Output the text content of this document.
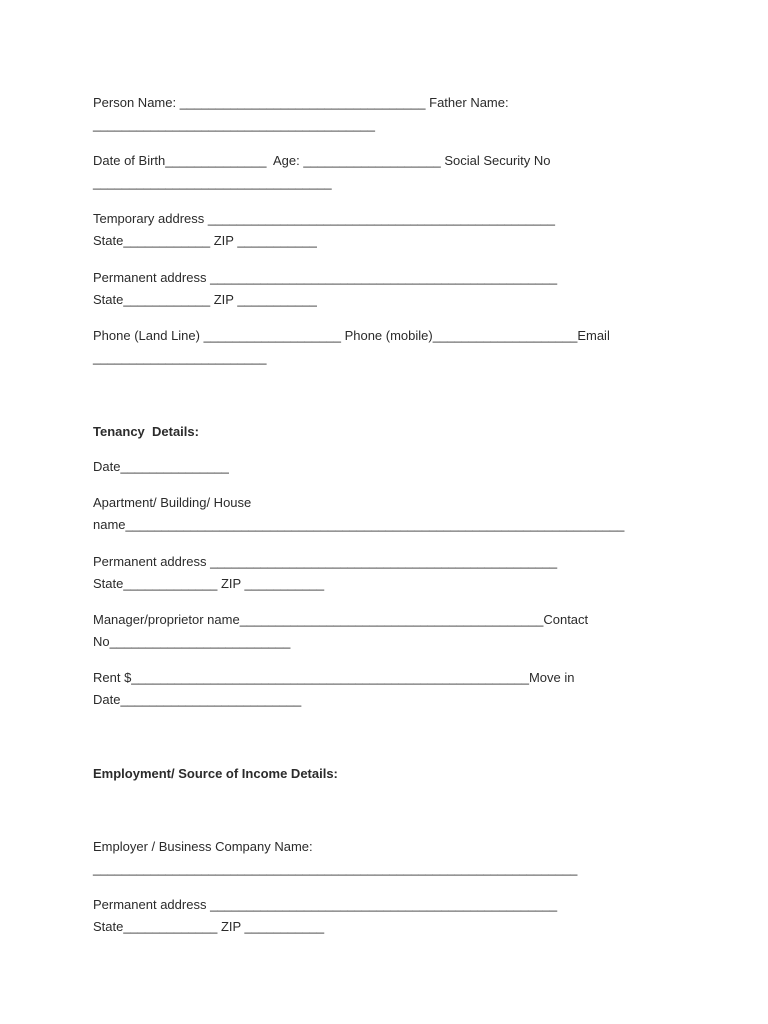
Person Name: __________________________________ Father Name:
_______________________________________
Date of Birth______________  Age: ___________________ Social Security No
_________________________________
Temporary address ________________________________________________
State____________ ZIP ___________
Permanent address ________________________________________________
State____________ ZIP ___________
Phone (Land Line) ___________________ Phone (mobile)____________________Email
________________________
Tenancy  Details:
Date_______________
Apartment/ Building/ House
name_____________________________________________________________________
Permanent address ________________________________________________
State_____________ ZIP ___________
Manager/proprietor name__________________________________________Contact
No_________________________
Rent $_______________________________________________________Move in
Date_________________________
Employment/ Source of Income Details:
Employer / Business Company Name:
___________________________________________________________________
Permanent address ________________________________________________
State_____________ ZIP ___________
